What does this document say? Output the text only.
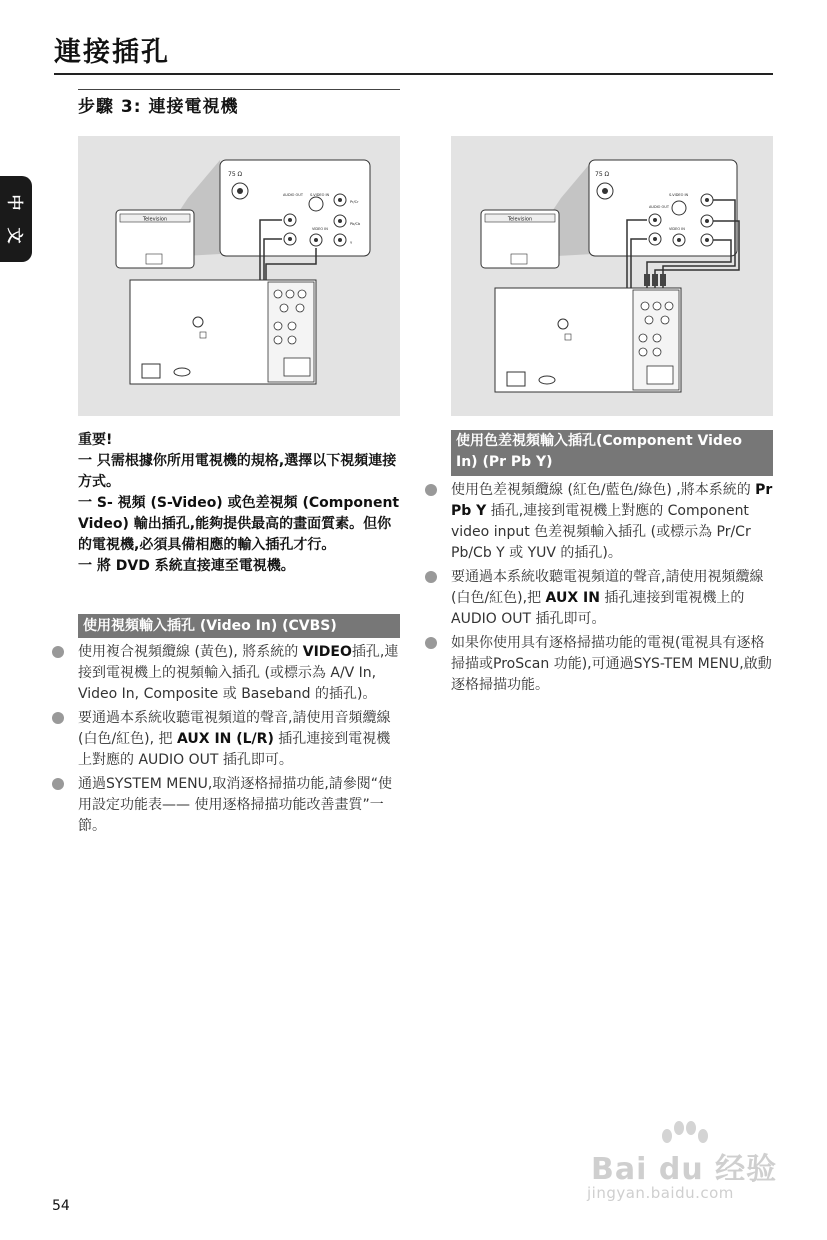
連接插孔
中
文
步驟 3: 連接電視機
Television
75 Ω
AUDIO OUT S-VIDEO IN
VIDEO IN
Pr/Cr
Pb/Cb
Y
Television
75 Ω
AUDIO OUT
S-VIDEO IN
VIDEO IN
重要!
一 只需根據你所用電視機的規格,選擇以下視頻連接方式。
一 S- 視頻 (S-Video) 或色差視頻 (Component Video) 輸出插孔,能夠提供最高的畫面質素。但你的電視機,必須具備相應的輸入插孔才行。
一 將 DVD 系統直接連至電視機。
使用視頻輸入插孔 (Video In) (CVBS)
使用複合視頻纜線 (黃色), 將系統的 VIDEO插孔,連接到電視機上的視頻輸入插孔 (或標示為 A/V In, Video In, Composite 或 Baseband 的插孔)。
要通過本系統收聽電視頻道的聲音,請使用音頻纜線 (白色/紅色), 把 AUX IN (L/R) 插孔連接到電視機上對應的 AUDIO OUT 插孔即可。
通過SYSTEM MENU,取消逐格掃描功能,請參閱“使用設定功能表—— 使用逐格掃描功能改善畫質”一節。
使用色差視頻輸入插孔(Component Video In) (Pr Pb Y)
使用色差視頻纜線 (紅色/藍色/綠色) ,將本系統的 Pr Pb Y 插孔,連接到電視機上對應的 Component video input 色差視頻輸入插孔 (或標示為 Pr/Cr Pb/Cb Y 或 YUV 的插孔)。
要通過本系統收聽電視頻道的聲音,請使用視頻纜線 (白色/紅色),把 AUX IN 插孔連接到電視機上的 AUDIO OUT 插孔即可。
如果你使用具有逐格掃描功能的電視(電視具有逐格掃描或ProScan 功能),可通過SYS-TEM MENU,啟動逐格掃描功能。
54
Bai du 经验
jingyan.baidu.com
